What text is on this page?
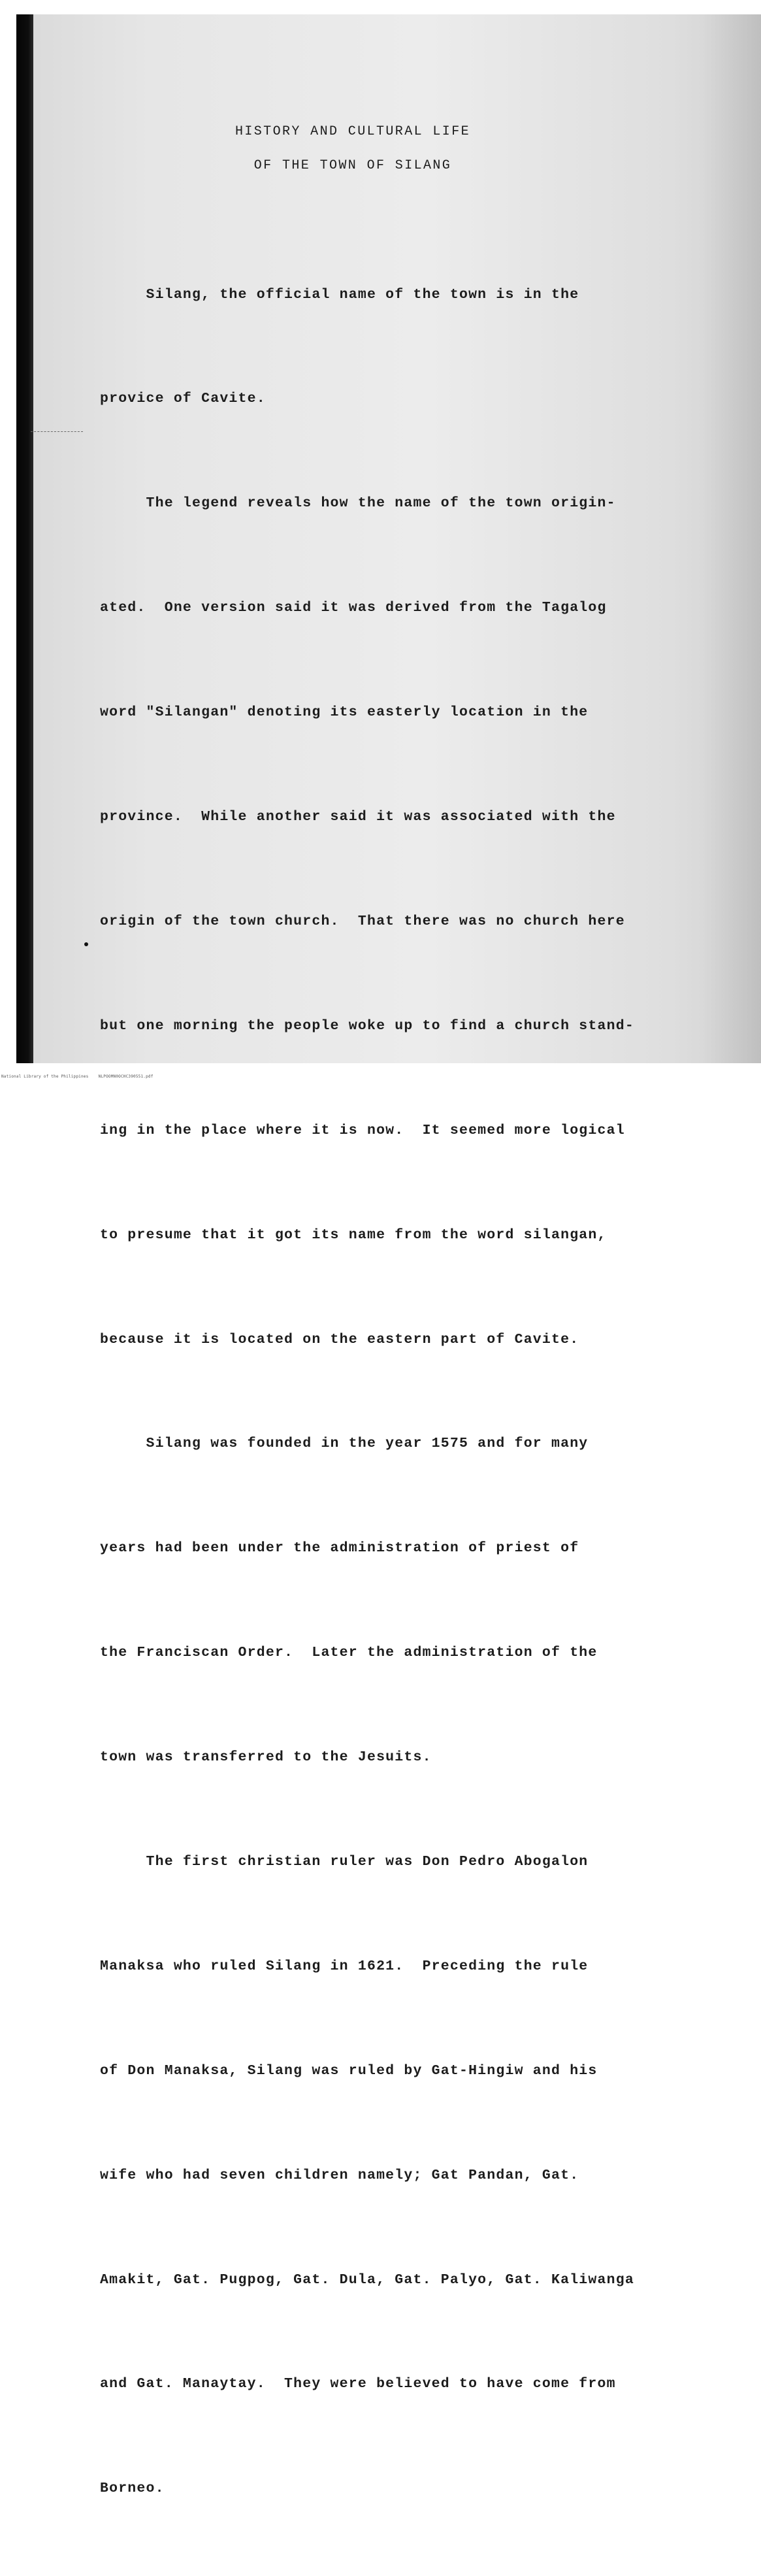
HISTORY AND CULTURAL LIFE
OF THE TOWN OF SILANG

Silang, the official name of the town is in the

provice of Cavite.

The legend reveals how the name of the town origin-

ated.  One version said it was derived from the Tagalog

word "Silangan" denoting its easterly location in the

province.  While another said it was associated with the

origin of the town church.  That there was no church here

but one morning the people woke up to find a church stand-

ing in the place where it is now.  It seemed more logical

to presume that it got its name from the word silangan,

because it is located on the eastern part of Cavite.

Silang was founded in the year 1575 and for many

years had been under the administration of priest of

the Franciscan Order.  Later the administration of the

town was transferred to the Jesuits.

The first christian ruler was Don Pedro Abogalon

Manaksa who ruled Silang in 1621.  Preceding the rule

of Don Manaksa, Silang was ruled by Gat-Hingiw and his

wife who had seven children namely; Gat Pandan, Gat.

Amakit, Gat. Pugpog, Gat. Dula, Gat. Palyo, Gat. Kaliwanga

and Gat. Manaytay.  They were believed to have come from

Borneo.

National Library of the Philippines    NLPOOMN0OCHC390551.pdf
